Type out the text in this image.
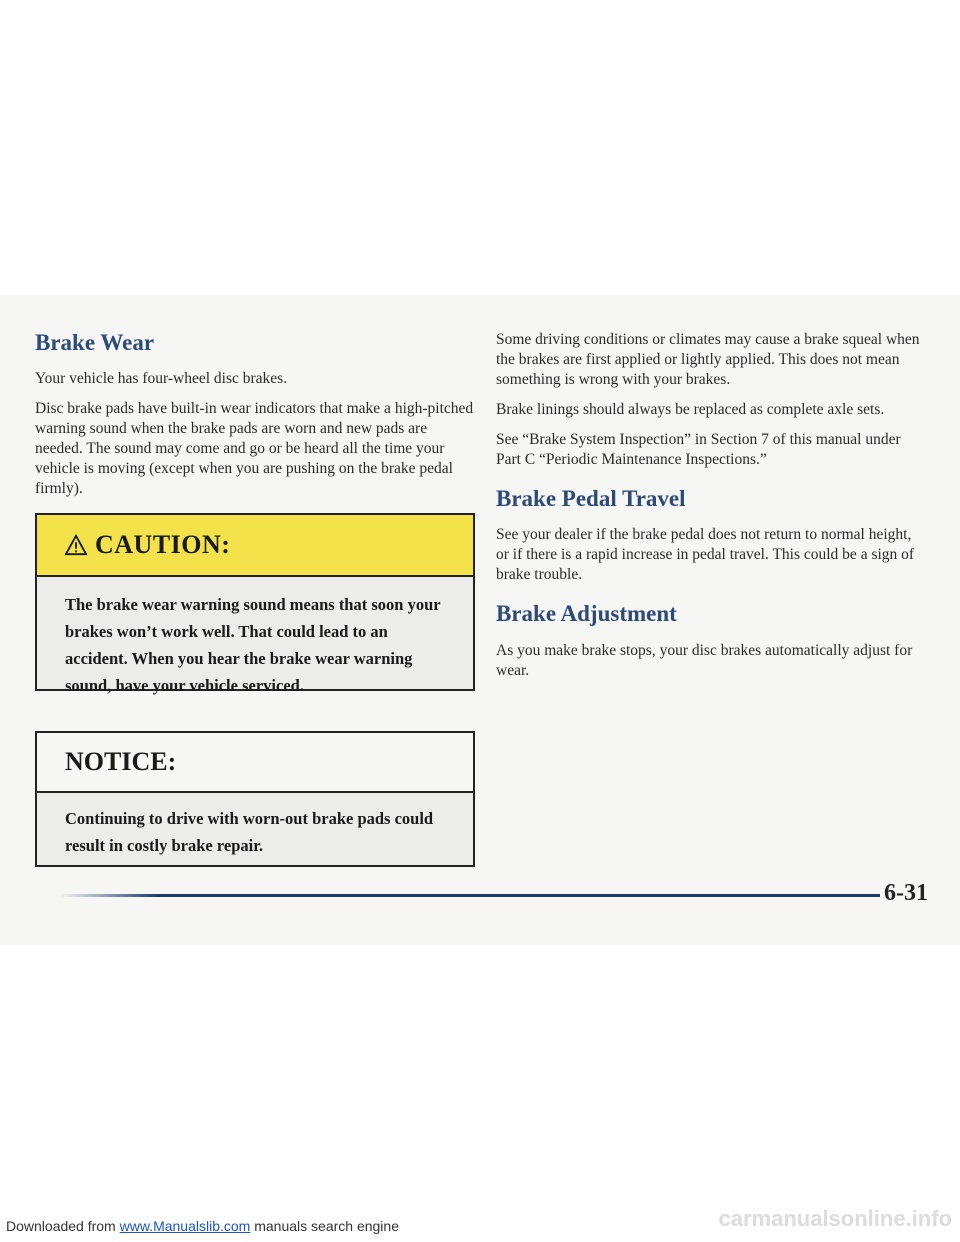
Brake Wear

Your vehicle has four-wheel disc brakes.

Disc brake pads have built-in wear indicators that make a high-pitched warning sound when the brake pads are worn and new pads are needed. The sound may come and go or be heard all the time your vehicle is moving (except when you are pushing on the brake pedal firmly).

CAUTION:
The brake wear warning sound means that soon your brakes won’t work well. That could lead to an accident. When you hear the brake wear warning sound, have your vehicle serviced.
NOTICE:
Continuing to drive with worn-out brake pads could result in costly brake repair.

Some driving conditions or climates may cause a brake squeal when the brakes are first applied or lightly applied. This does not mean something is wrong with your brakes.

Brake linings should always be replaced as complete axle sets.

See “Brake System Inspection” in Section 7 of this manual under Part C “Periodic Maintenance Inspections.”

Brake Pedal Travel

See your dealer if the brake pedal does not return to normal height, or if there is a rapid increase in pedal travel. This could be a sign of brake trouble.

Brake Adjustment

As you make brake stops, your disc brakes automatically adjust for wear.

6-31
Downloaded from www.Manualslib.com manuals search engine	carmanualsonline.info
